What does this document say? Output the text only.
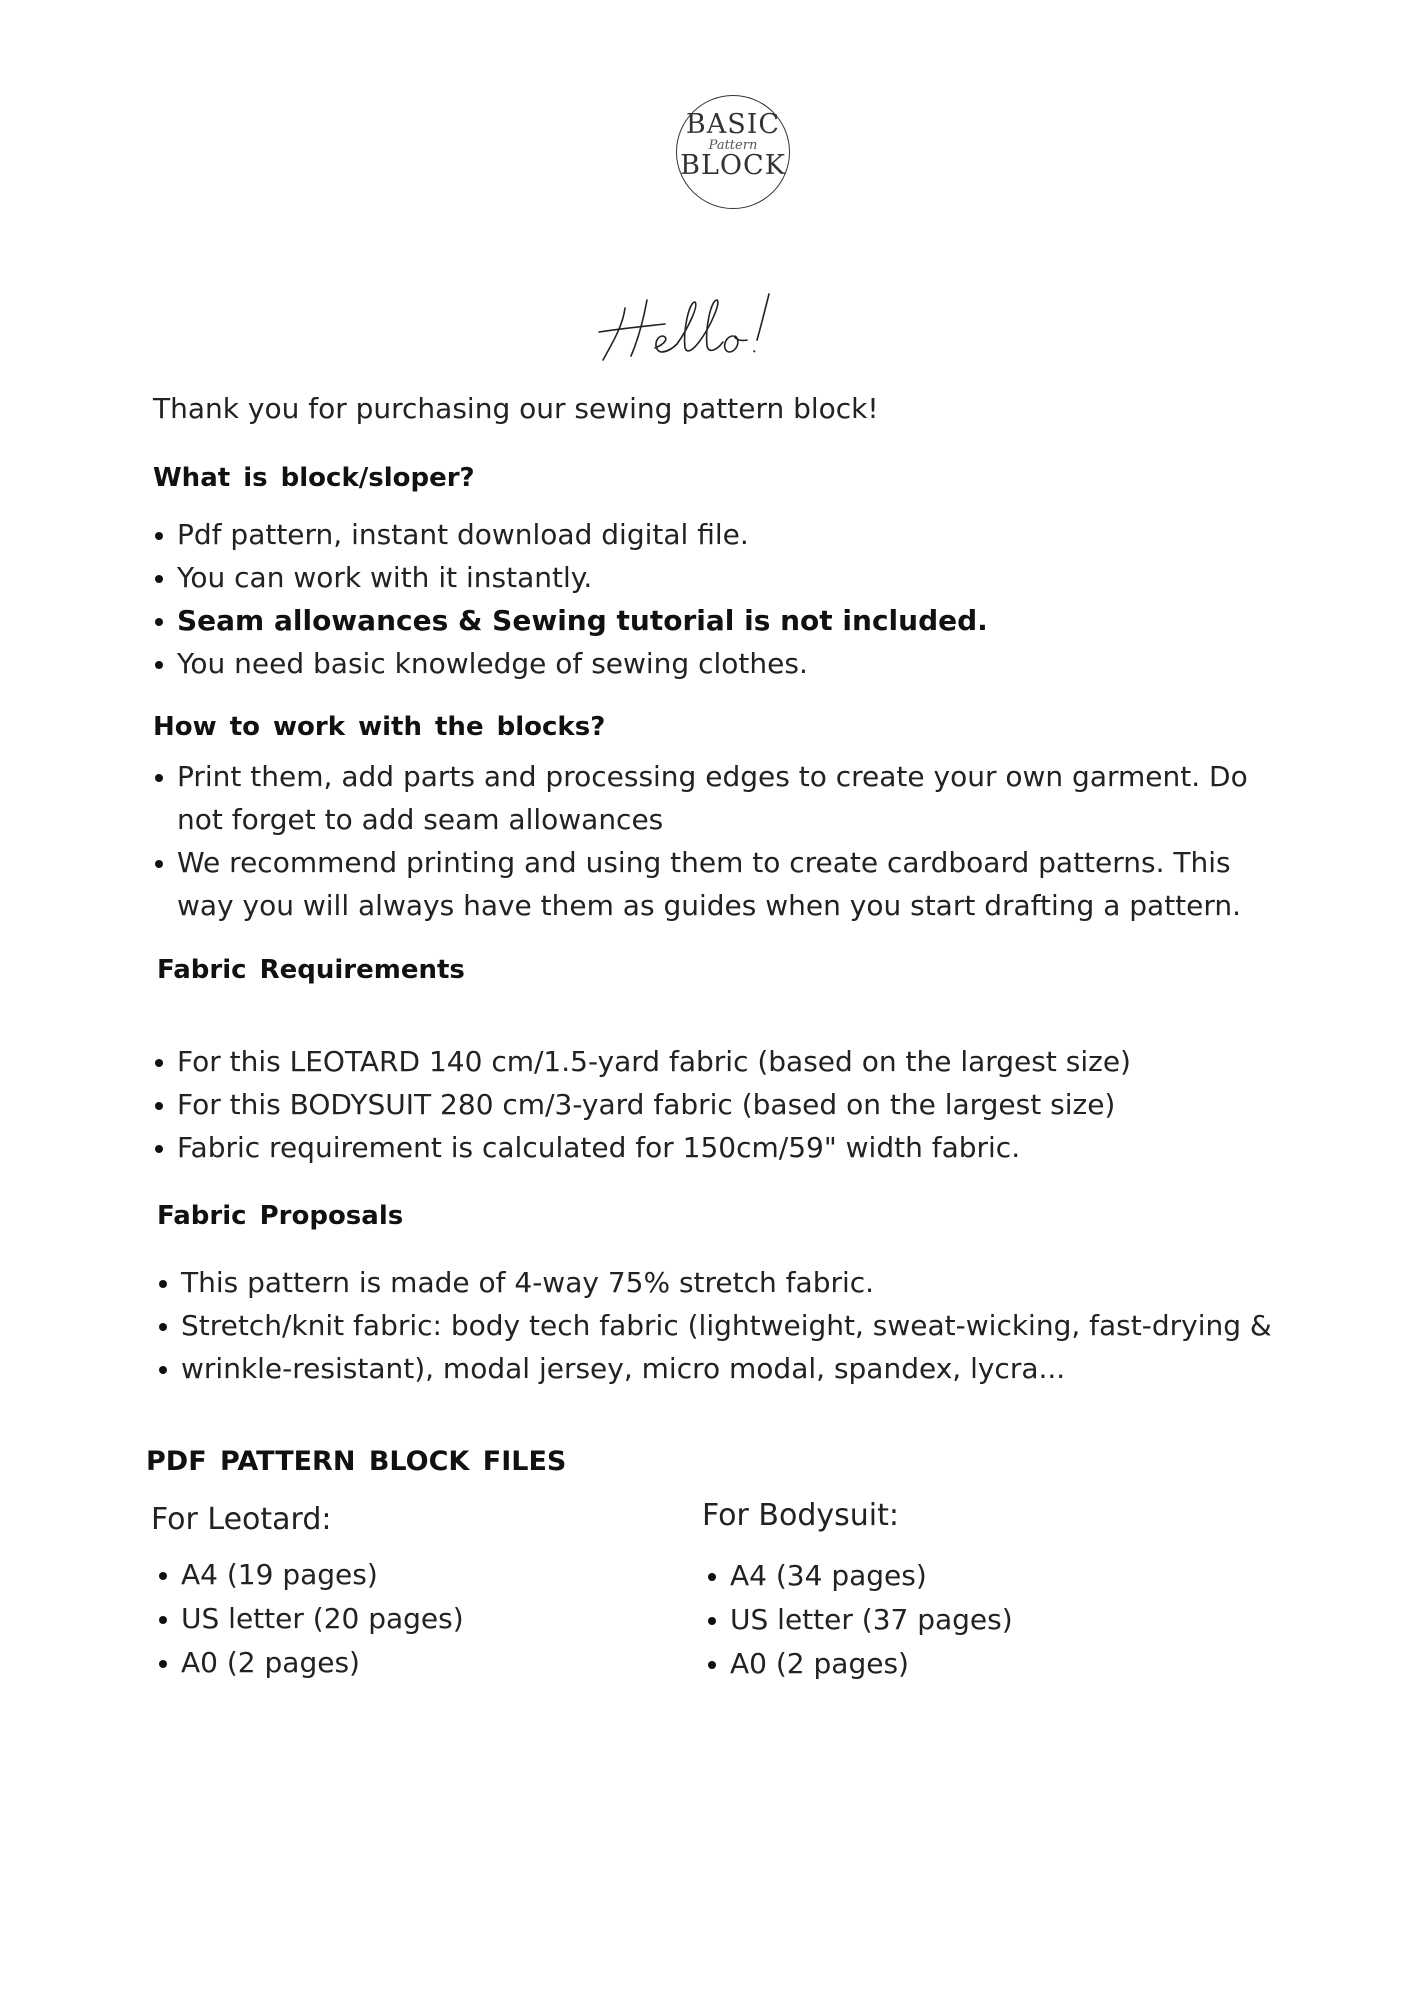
BASIC
Pattern
BLOCK

Thank you for purchasing our sewing pattern block!

What is block/sloper?

Pdf pattern, instant download digital file.
You can work with it instantly.
Seam allowances & Sewing tutorial is not included.
You need basic knowledge of sewing clothes.

How to work with the blocks?

Print them, add parts and processing edges to create your own garment. Do not forget to add seam allowances
We recommend printing and using them to create cardboard patterns. This way you will always have them as guides when you start drafting a pattern.

Fabric Requirements

For this LEOTARD 140 cm/1.5-yard fabric (based on the largest size)
For this BODYSUIT 280 cm/3-yard fabric (based on the largest size)
Fabric requirement is calculated for 150cm/59" width fabric.

Fabric Proposals

This pattern is made of 4-way 75% stretch fabric.
Stretch/knit fabric: body tech fabric (lightweight, sweat-wicking, fast-drying &
wrinkle-resistant), modal jersey, micro modal, spandex, lycra...

PDF PATTERN BLOCK FILES

For Leotard:

A4 (19 pages)
US letter (20 pages)
A0 (2 pages)

For Bodysuit:

A4 (34 pages)
US letter (37 pages)
A0 (2 pages)
